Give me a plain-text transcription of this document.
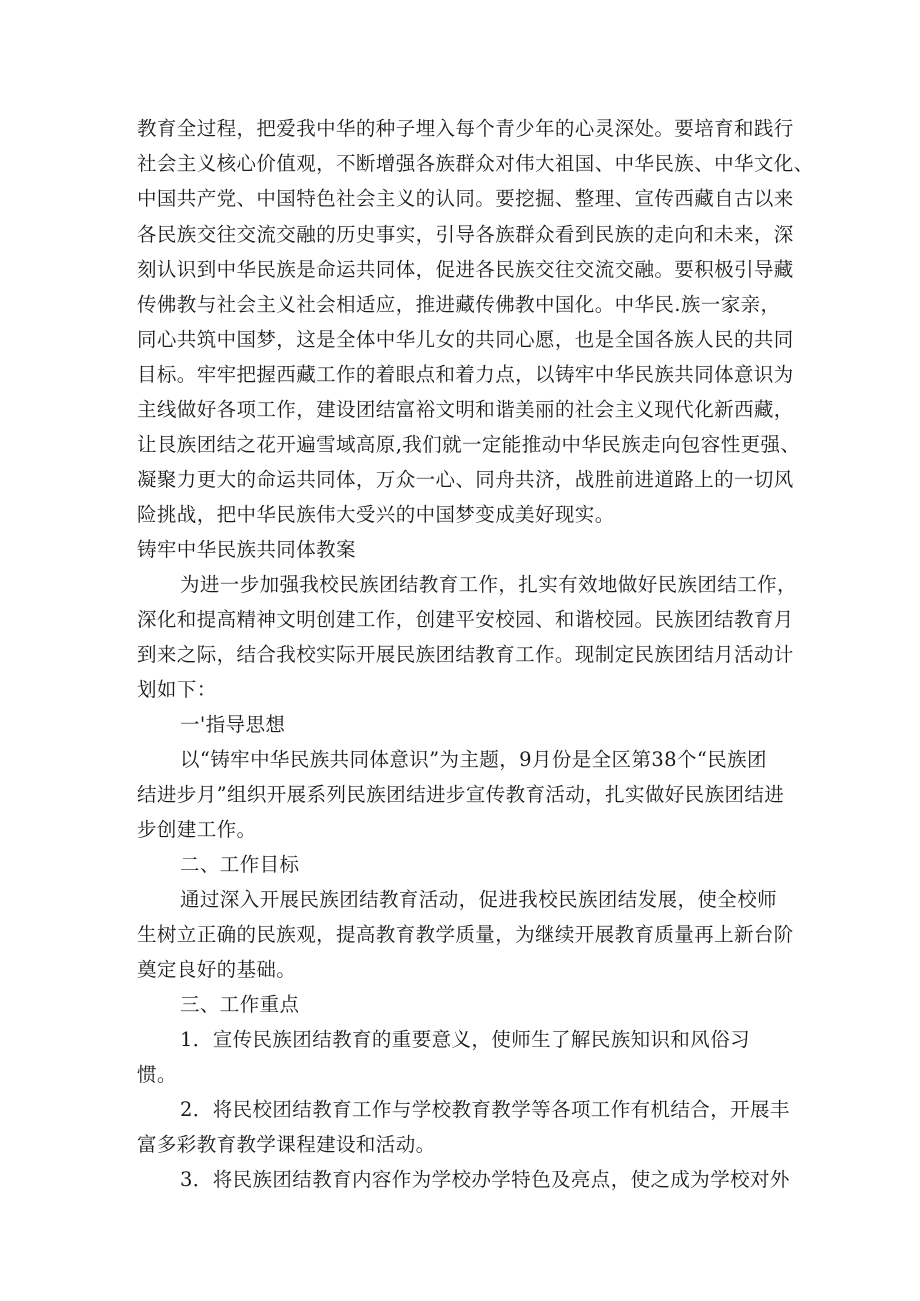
教育全过程，把爱我中华的种子埋入每个青少年的心灵深处。要培育和践行
社会主义核心价值观，不断增强各族群众对伟大祖国、中华民族、中华文化、
中国共产党、中国特色社会主义的认同。要挖掘、整理、宣传西藏自古以来
各民族交往交流交融的历史事实，引导各族群众看到民族的走向和未来，深
刻认识到中华民族是命运共同体，促进各民族交往交流交融。要积极引导藏
传佛教与社会主义社会相适应，推进藏传佛教中国化。中华民.族一家亲，
同心共筑中国梦，这是全体中华儿女的共同心愿，也是全国各族人民的共同
目标。牢牢把握西藏工作的着眼点和着力点，以铸牢中华民族共同体意识为
主线做好各项工作，建设团结富裕文明和谐美丽的社会主义现代化新西藏，
让艮族团结之花开遍雪域高原,我们就一定能推动中华民族走向包容性更强、
凝聚力更大的命运共同体，万众一心、同舟共济，战胜前进道路上的一切风
险挑战，把中华民族伟大受兴的中国梦变成美好现实。
铸牢中华民族共同体教案
为进一步加强我校民族团结教育工作，扎实有效地做好民族团结工作，
深化和提高精神文明创建工作，创建平安校园、和谐校园。民族团结教育月
到来之际，结合我校实际开展民族团结教育工作。现制定民族团结月活动计
划如下：
一'指导思想
以“铸牢中华民族共同体意识”为主题，9月份是全区第38个“民族团
结进步月”组织开展系列民族团结进步宣传教育活动，扎实做好民族团结进
步创建工作。
二、工作目标
通过深入开展民族团结教育活动，促进我校民族团结发展，使全校师
生树立正确的民族观，提高教育教学质量，为继续开展教育质量再上新台阶
奠定良好的基础。
三、工作重点
1．宣传民族团结教育的重要意义，使师生了解民族知识和风俗习
惯。
2．将民校团结教育工作与学校教育教学等各项工作有机结合，开展丰
富多彩教育教学课程建设和活动。
3．将民族团结教育内容作为学校办学特色及亮点，使之成为学校对外
